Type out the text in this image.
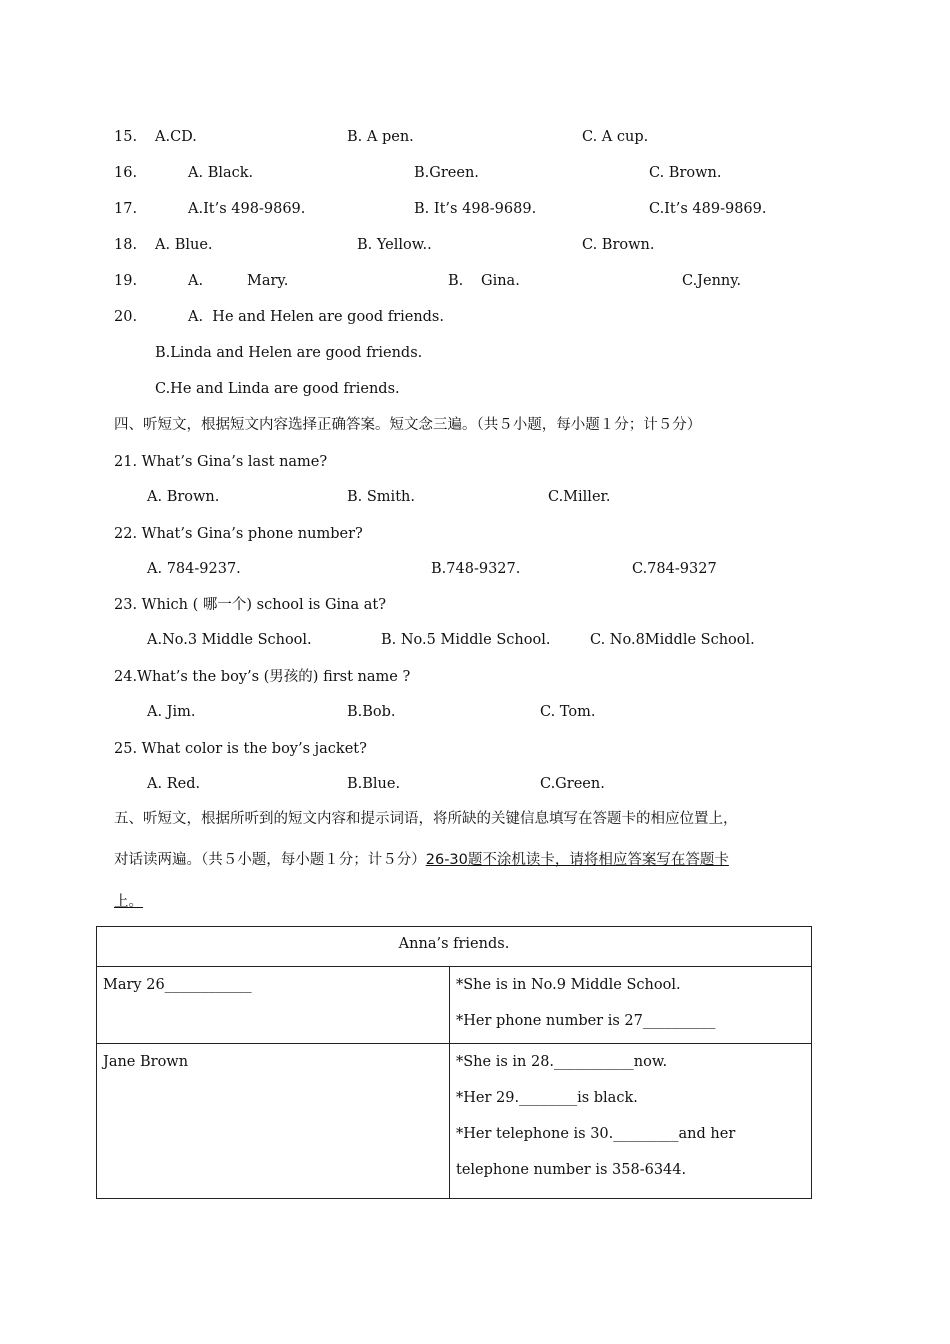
15. A.CD.	B. A pen.	C. A cup.
16.	A. Black.	B.Green.	C. Brown.
17.	A.It’s 498-9869.	B. It’s 498-9689.	C.It’s 489-9869.
18. A. Blue.	B. Yellow..	C. Brown.
19.	A.	Mary.	B. Gina.	C.Jenny.
20.	A.  He and Helen are good friends.
B.Linda and Helen are good friends.
C.He and Linda are good friends.
四、听短文，根据短文内容选择正确答案。短文念三遍。（共５小题，每小题１分；计５分）
21. What’s Gina’s last name?
A. Brown.	B. Smith.	C.Miller.
22. What’s Gina’s phone number?
A. 784-9237.	B.748-9327.	C.784-9327
23. Which ( 哪一个) school is Gina at?
A.No.3 Middle School.	B. No.5 Middle School.	C. No.8Middle School.
24.What’s the boy’s (男孩的) first name ?
A. Jim.	B.Bob.	C. Tom.
25. What color is the boy’s jacket?
A. Red.	B.Blue.	C.Green.
五、听短文，根据所听到的短文内容和提示词语，将所缺的关键信息填写在答题卡的相应位置上，
对话读两遍。（共５小题，每小题１分；计５分）26-30题不涂机读卡，请将相应答案写在答题卡
上。
Anna’s friends.	

Mary 26____________	*She is in No.9 Middle School.
*Her phone number is 27__________

Jane Brown	*She is in 28.___________now.
*Her 29.________is black.
*Her telephone is 30._________and her
telephone number is 358-6344.
